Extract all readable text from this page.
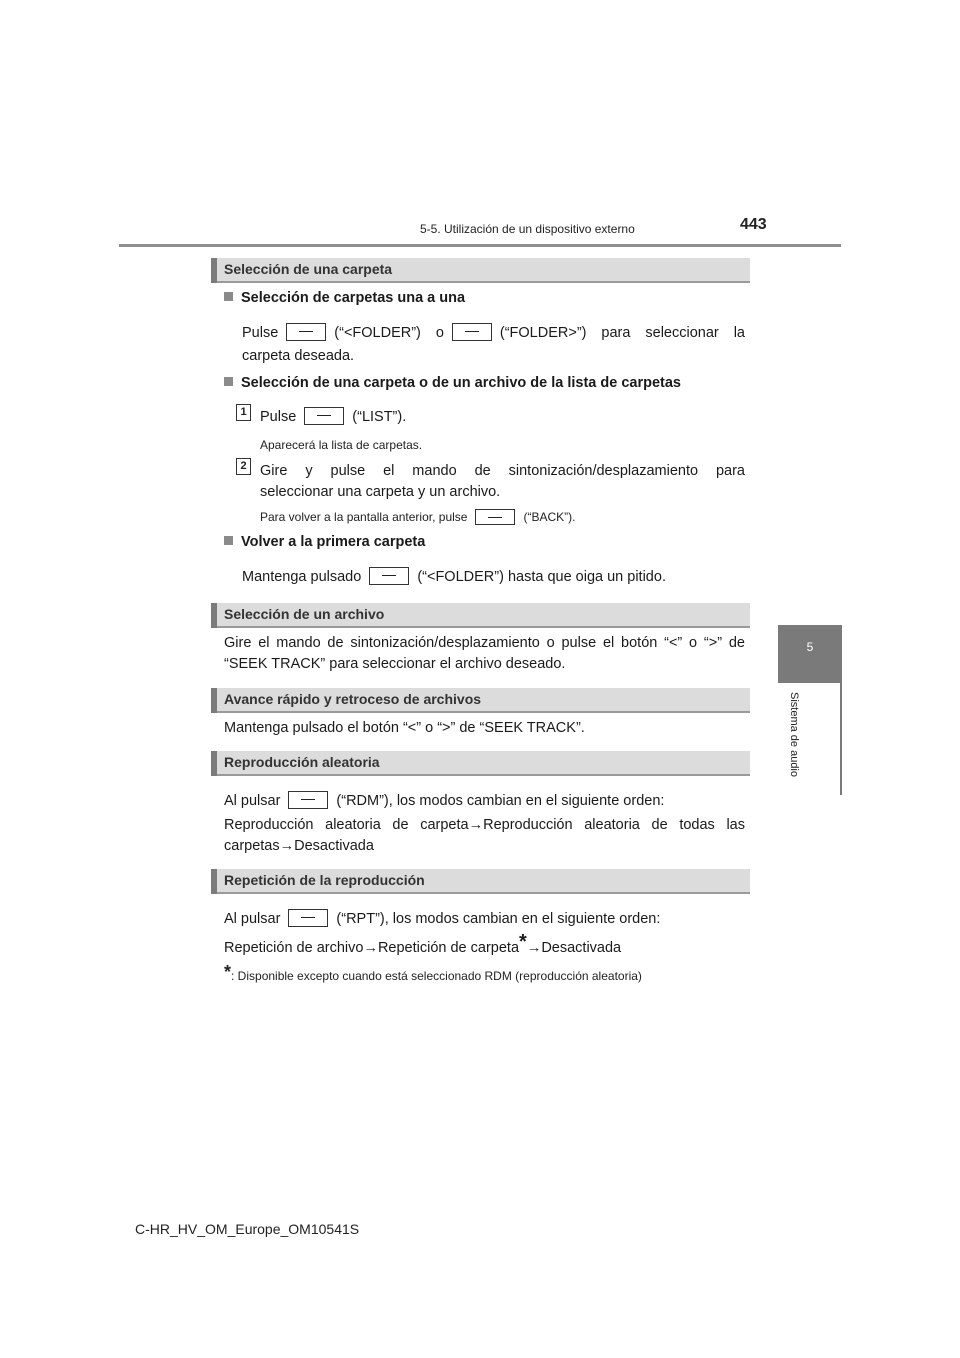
5-5. Utilización de un dispositivo externo	443
5
Sistema de audio
Selección de una carpeta
Selección de carpetas una a una
Pulse	(“<FOLDER”) o	(“FOLDER>”) para seleccionar la
carpeta deseada.
Selección de una carpeta o de un archivo de la lista de carpetas
1 Pulse	(“LIST”).
Aparecerá la lista de carpetas.
2 Gire y pulse el mando de sintonización/desplazamiento para
seleccionar una carpeta y un archivo.
Para volver a la pantalla anterior, pulse	(“BACK”).
Volver a la primera carpeta
Mantenga pulsado	(“<FOLDER”) hasta que oiga un pitido.
Selección de un archivo
Gire el mando de sintonización/desplazamiento o pulse el botón “<” o “>” de
“SEEK TRACK” para seleccionar el archivo deseado.
Avance rápido y retroceso de archivos
Mantenga pulsado el botón “<” o “>” de “SEEK TRACK”.
Reproducción aleatoria
Al pulsar	(“RDM”), los modos cambian en el siguiente orden:
Reproducción aleatoria de carpeta→Reproducción aleatoria de todas las
carpetas→Desactivada
Repetición de la reproducción
Al pulsar	(“RPT”), los modos cambian en el siguiente orden:
Repetición de archivo→Repetición de carpeta*→Desactivada
*: Disponible excepto cuando está seleccionado RDM (reproducción aleatoria)
C-HR_HV_OM_Europe_OM10541S
